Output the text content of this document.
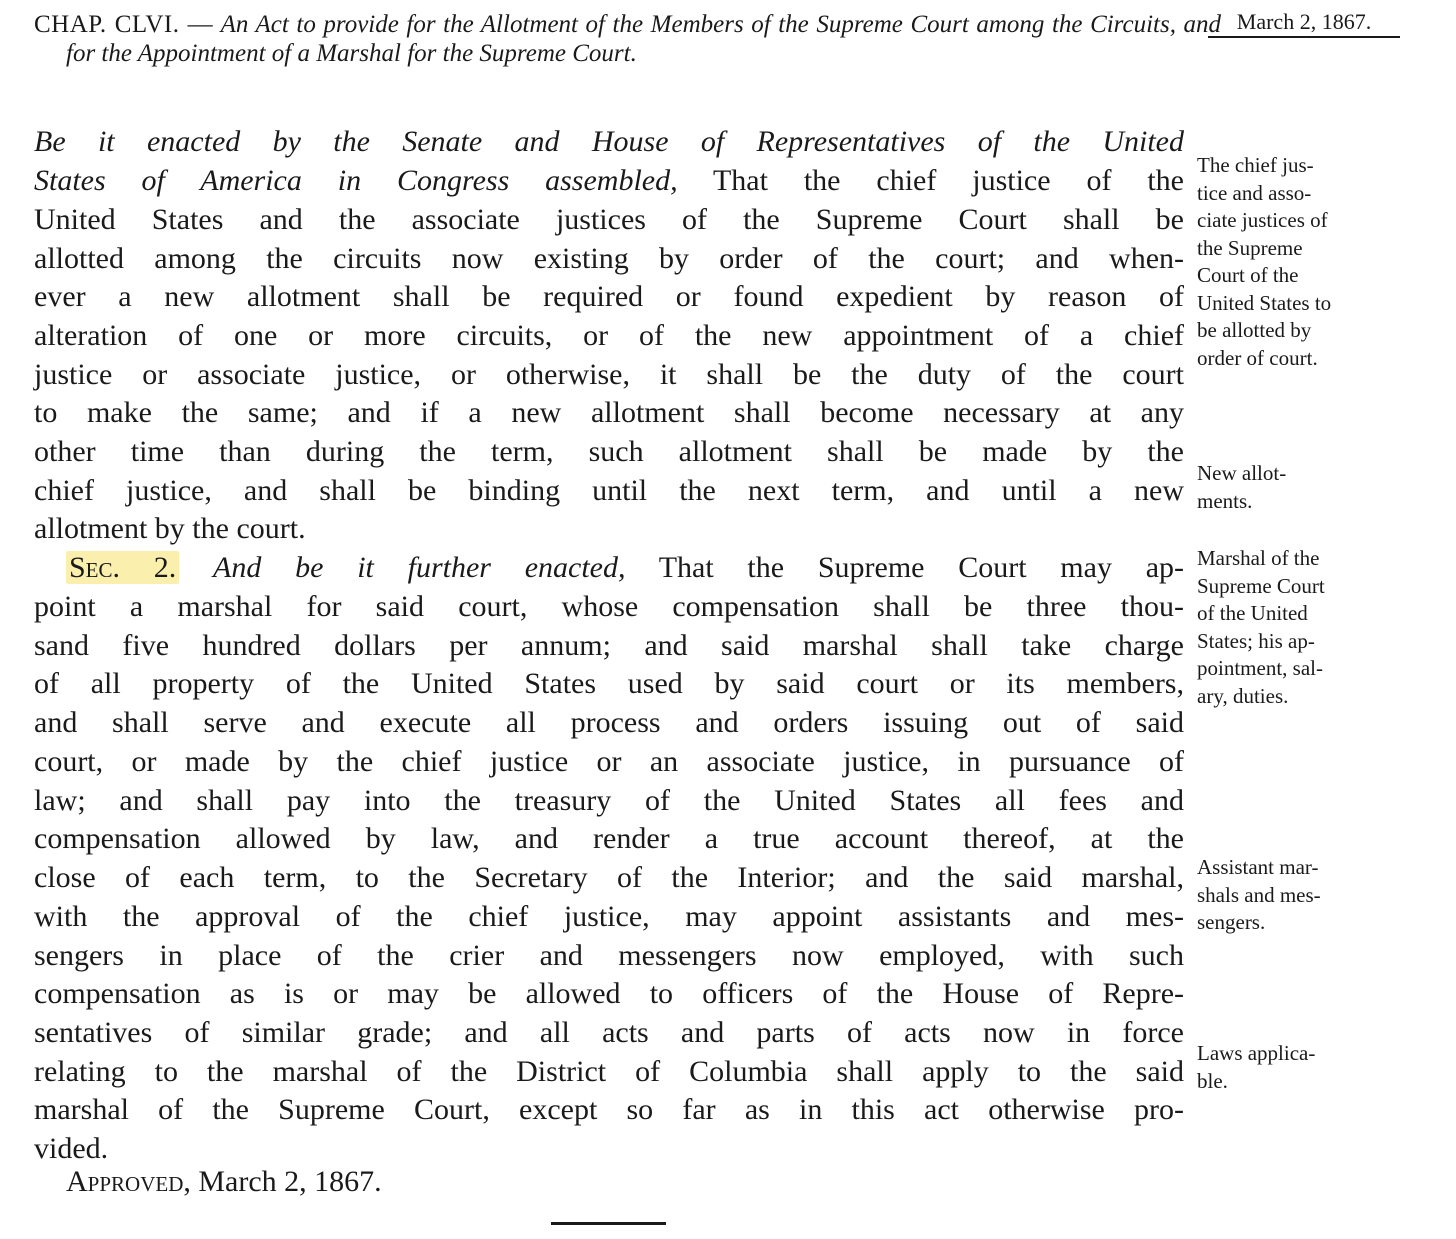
CHAP. CLVI. — An Act to provide for the Allotment of the Members of the Supreme Court among the Circuits, and for the Appointment of a Marshal for the Supreme Court.
March 2, 1867.
Be it enacted by the Senate and House of Representatives of the United
States of America in Congress assembled, That the chief justice of the
United States and the associate justices of the Supreme Court shall be
allotted among the circuits now existing by order of the court; and when-
ever a new allotment shall be required or found expedient by reason of
alteration of one or more circuits, or of the new appointment of a chief
justice or associate justice, or otherwise, it shall be the duty of the court
to make the same; and if a new allotment shall become necessary at any
other time than during the term, such allotment shall be made by the
chief justice, and shall be binding until the next term, and until a new
allotment by the court.
Sec. 2. And be it further enacted, That the Supreme Court may ap-
point a marshal for said court, whose compensation shall be three thou-
sand five hundred dollars per annum; and said marshal shall take charge
of all property of the United States used by said court or its members,
and shall serve and execute all process and orders issuing out of said
court, or made by the chief justice or an associate justice, in pursuance of
law; and shall pay into the treasury of the United States all fees and
compensation allowed by law, and render a true account thereof, at the
close of each term, to the Secretary of the Interior; and the said marshal,
with the approval of the chief justice, may appoint assistants and mes-
sengers in place of the crier and messengers now employed, with such
compensation as is or may be allowed to officers of the House of Repre-
sentatives of similar grade; and all acts and parts of acts now in force
relating to the marshal of the District of Columbia shall apply to the said
marshal of the Supreme Court, except so far as in this act otherwise pro-
vided.
Approved, March 2, 1867.
The chief jus-
tice and asso-
ciate justices of
the Supreme
Court of the
United States to
be allotted by
order of court.
New allot-
ments.
Marshal of the
Supreme Court
of the United
States; his ap-
pointment, sal-
ary, duties.
Assistant mar-
shals and mes-
sengers.
Laws applica-
ble.
